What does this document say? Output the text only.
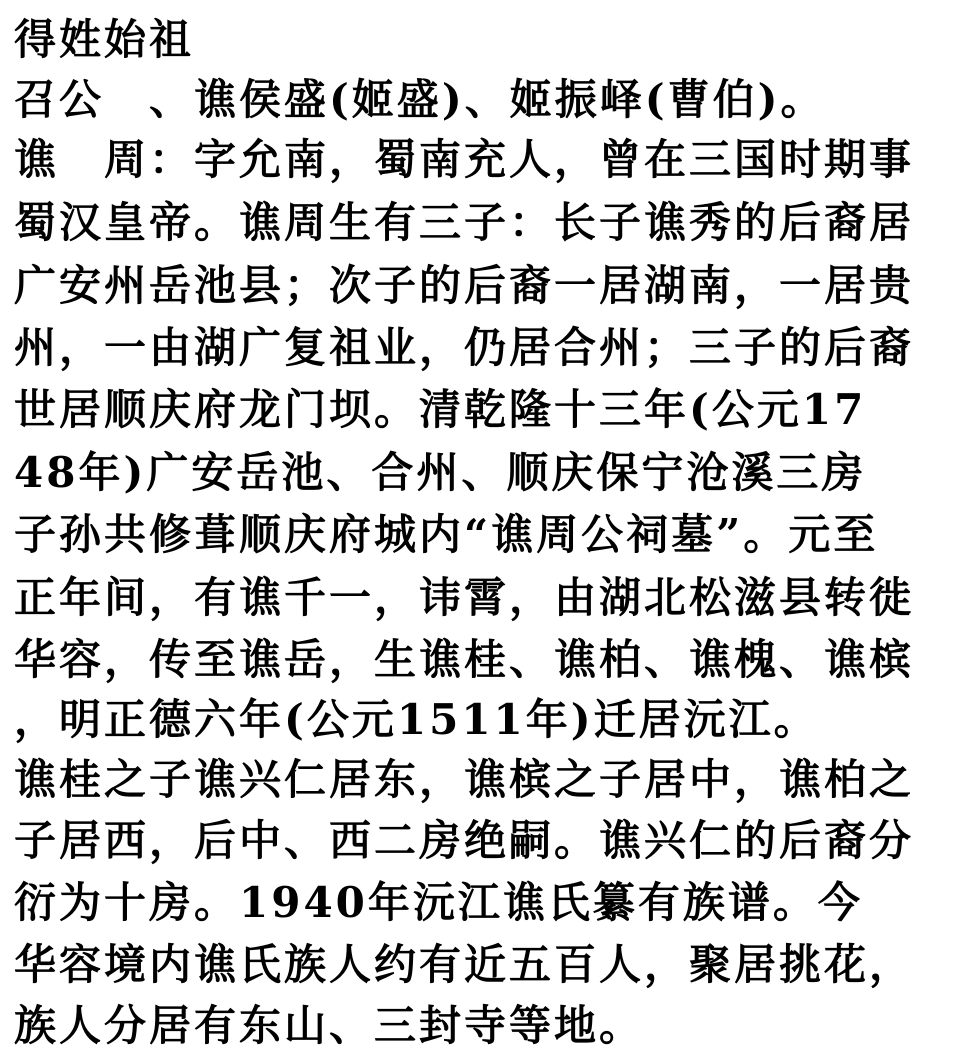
得姓始祖
召公　、谯侯盛(姬盛)、姬振峄(曹伯)。
谯　周：字允南，蜀南充人，曾在三国时期事
蜀汉皇帝。谯周生有三子：长子谯秀的后裔居
广安州岳池县；次子的后裔一居湖南，一居贵
州，一由湖广复祖业，仍居合州；三子的后裔
世居顺庆府龙门坝。清乾隆十三年(公元17
48年)广安岳池、合州、顺庆保宁沧溪三房
子孙共修葺顺庆府城内“谯周公祠墓”。元至
正年间，有谯千一，讳霄，由湖北松滋县转徙
华容，传至谯岳，生谯桂、谯柏、谯槐、谯槟
，明正德六年(公元1511年)迁居沅江。
谯桂之子谯兴仁居东，谯槟之子居中，谯柏之
子居西，后中、西二房绝嗣。谯兴仁的后裔分
衍为十房。1940年沅江谯氏纂有族谱。今
华容境内谯氏族人约有近五百人，聚居挑花，
族人分居有东山、三封寺等地。
